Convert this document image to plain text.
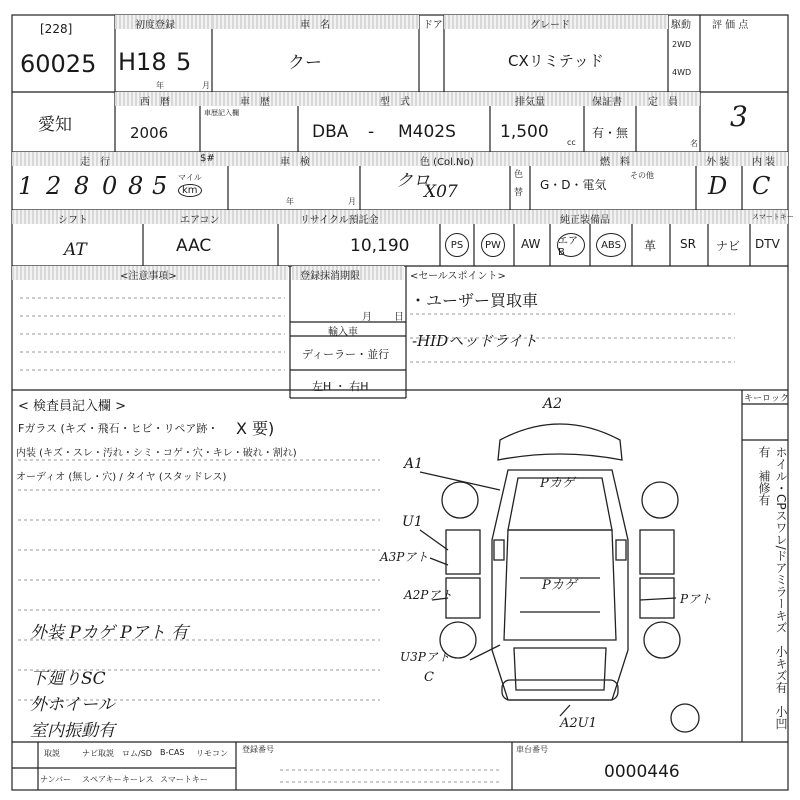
[228]
60025
初度登録
H18 5
年	月
車　名
クー
ドア	グレード
CXリミテッド
駆動
2WD
4WD
評 価 点
3
愛知
西　暦
2006
車　歴
車歴記入欄
型　式
DBA - M402S
排気量
1,500
cc
保証書
有・無
定　員
名
走　行
1 2 8 0 8 5 マイル
km
$#	車　検
年	月
色 (Col.No)
クロ
X07
色替
燃　料
G・D・電気
その他
外 装
D
内 装
C
シフト
AT
エアコン
AAC
リサイクル預託金
10,190
純正装備品	スマートキー
PS	PW	AW エアB
ABS	革 SR ナビ DTV
<注意事項>	登録抹消期限
月 日
輸入車
ディーラー・並行
左H ・ 右H
<セールスポイント>
・ユーザー買取車
-HIDヘッドライト
< 検査員記入欄 >
Fガラス (キズ・飛石・ヒビ・リペア跡・ X 要)
内装 (キズ・スレ・汚れ・シミ・コゲ・穴・キレ・破れ・割れ)
オーディオ (無し・穴) / タイヤ (スタッドレス)
外装 Pカゲ Pアト 有
下廻りSC
外ホイール
室内振動有
キーロック
ホイル・CPスワレ/ドアミラーキズ　小キズ有　小凹有　補修有
A2
A1
Pカゲ
U1
A3Pアト
A2Pアト
Pカゲ
Pアト
U3Pアト
C
A2U1
取説	ナビ取説 ロム/SD B-CAS リモコン
ナンバー スペアキー キーレス スマートキー
登録番号	車台番号
0000446
